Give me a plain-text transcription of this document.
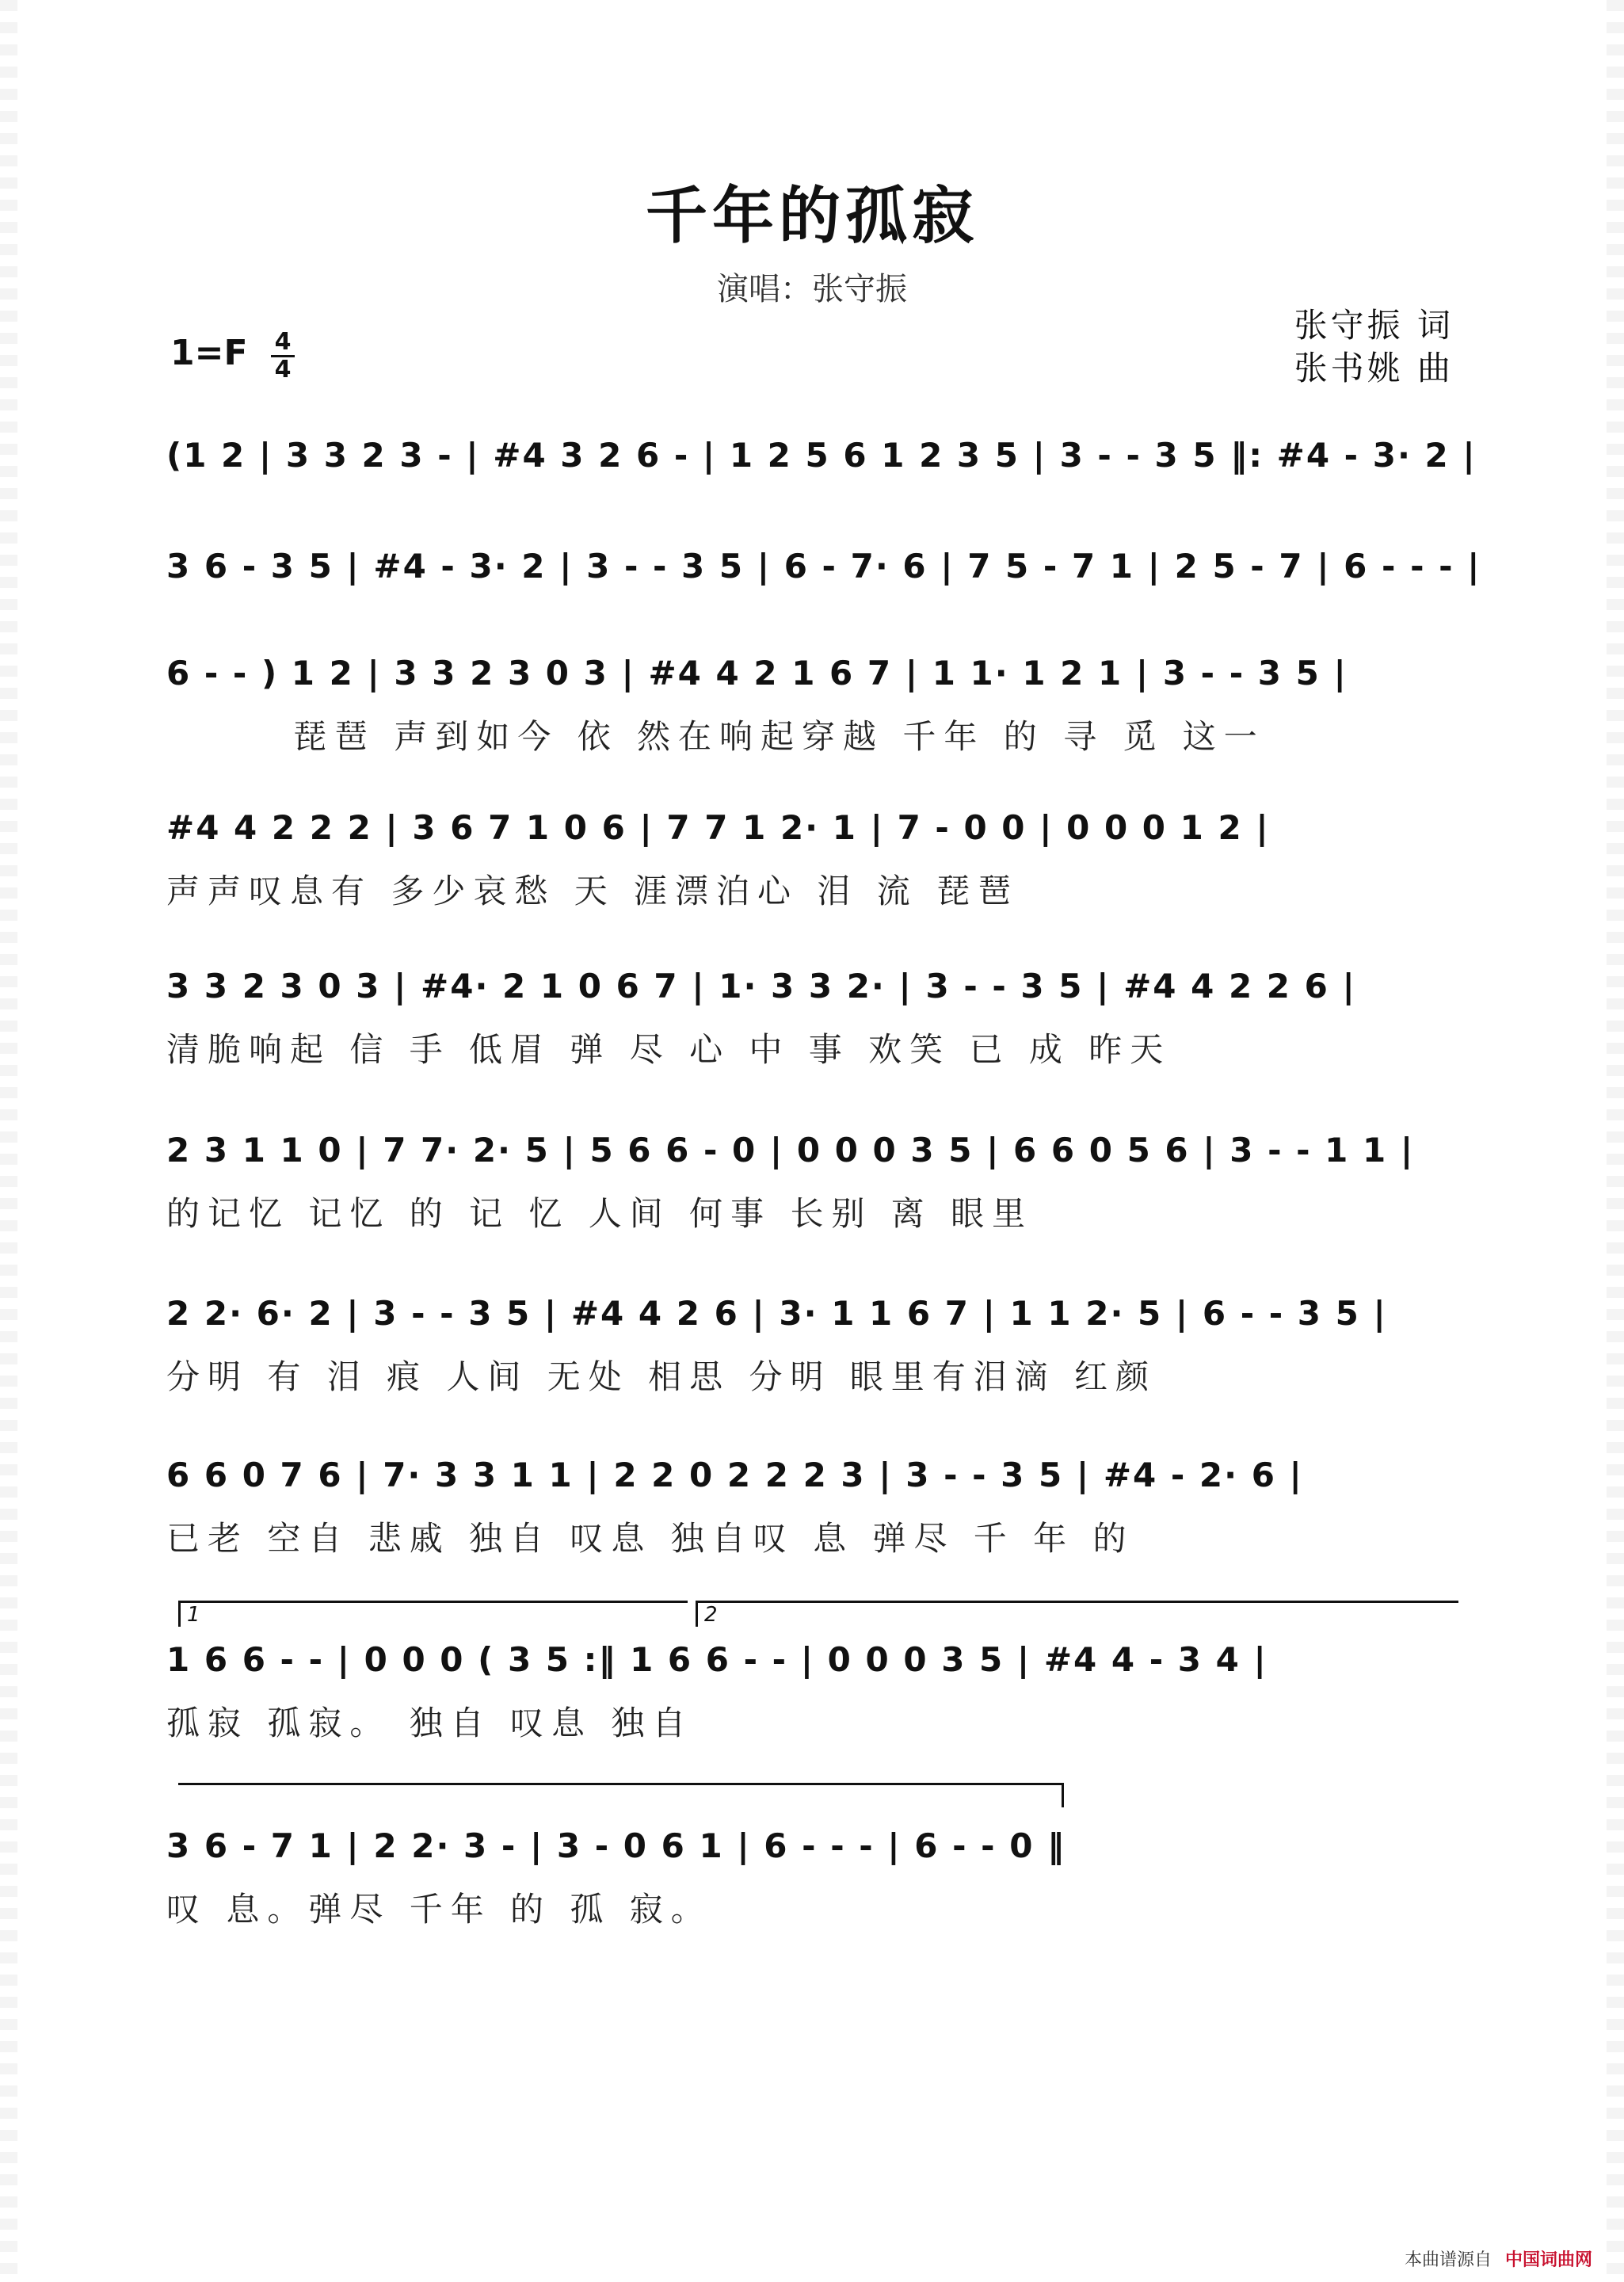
千年的孤寂
演唱：张守振
张守振 词
张书姚 曲
1=F 4
4
(1 2 | 3 3 2 3 - | #4 3 2 6 - | 1 2 5 6 1 2 3 5 | 3 - - 3 5 ‖: #4 - 3· 2 |
3 6 - 3 5 | #4 - 3· 2 | 3 - - 3 5 | 6 - 7· 6 | 7 5 - 7 1 | 2 5 - 7 | 6 - - - |
6 - - ) 1 2 | 3 3 2 3 0 3 | #4 4 2 1 6 7 | 1 1· 1 2 1 | 3 - - 3 5 |
琵琶 声到如今 依 然在响起穿越 千年 的 寻 觅 这一
#4 4 2 2 2 | 3 6 7 1 0 6 | 7 7 1 2· 1 | 7 - 0 0 | 0 0 0 1 2 |
声声叹息有 多少哀愁 天 涯漂泊心 泪 流 琵琶
3 3 2 3 0 3 | #4· 2 1 0 6 7 | 1· 3 3 2· | 3 - - 3 5 | #4 4 2 2 6 |
清脆响起 信 手 低眉 弹 尽 心 中 事 欢笑 已 成 昨天
2 3 1 1 0 | 7 7· 2· 5 | 5 6 6 - 0 | 0 0 0 3 5 | 6 6 0 5 6 | 3 - - 1 1 |
的记忆 记忆 的 记 忆 人间 何事 长别 离 眼里
2 2· 6· 2 | 3 - - 3 5 | #4 4 2 6 | 3· 1 1 6 7 | 1 1 2· 5 | 6 - - 3 5 |
分明 有 泪 痕 人间 无处 相思 分明 眼里有泪滴 红颜
6 6 0 7 6 | 7· 3 3 1 1 | 2 2 0 2 2 2 3 | 3 - - 3 5 | #4 - 2· 6 |
已老 空自 悲戚 独自 叹息 独自叹 息 弹尽 千 年 的
1	2
1 6 6 - - | 0 0 0 ( 3 5 :‖ 1 6 6 - - | 0 0 0 3 5 | #4 4 - 3 4 |
孤寂 孤寂。 独自 叹息 独自
3 6 - 7 1 | 2 2· 3 - | 3 - 0 6 1 | 6 - - - | 6 - - 0 ‖
叹 息。弹尽 千年 的 孤 寂。
本曲谱源自 中国词曲网
